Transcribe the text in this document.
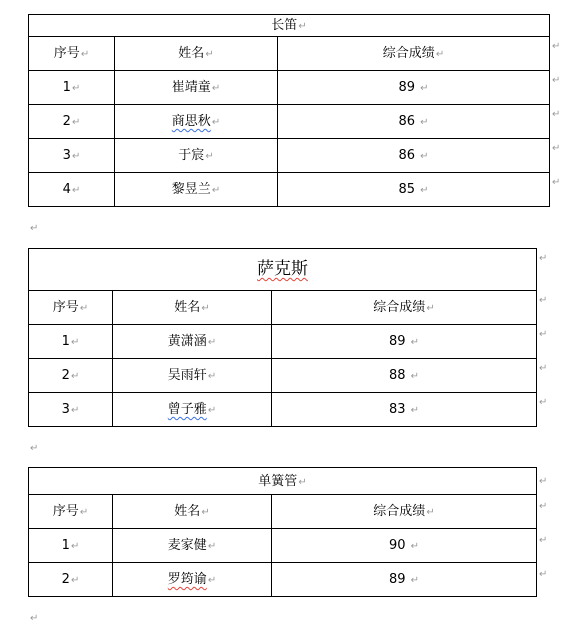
长笛↵		
序号↵	姓名↵	综合成绩↵
1↵	崔靖童↵	89 ↵
2↵	商思秋↵	86 ↵
3↵	于宸↵	86 ↵
4↵	黎昱兰↵	85 ↵
↵
↵
↵
↵
↵
↵
萨克斯		
序号↵	姓名↵	综合成绩↵
1↵	黄潇涵↵	89 ↵
2↵	吴雨轩↵	88 ↵
3↵	曾子雅↵	83 ↵
↵
↵
↵
↵
↵
↵
单簧管↵		
序号↵	姓名↵	综合成绩↵
1↵	麦家健↵	90 ↵
2↵	罗筠谕↵	89 ↵
↵
↵
↵
↵
↵
